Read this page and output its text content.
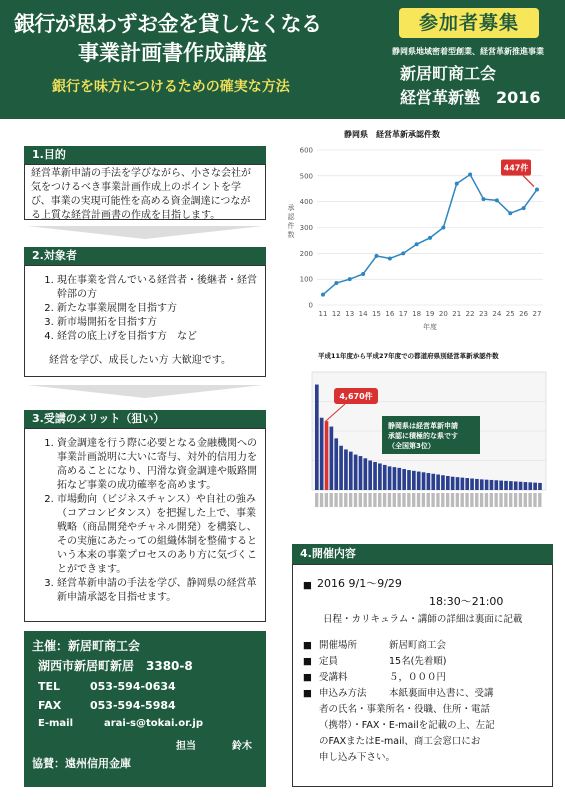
銀行が思わずお金を貸したくなる
事業計画書作成講座
銀行を味方につけるための確実な方法
参加者募集
静岡県地域密着型創業、経営革新推進事業
新居町商工会
経営革新塾　2016
1.目的
経営革新申請の手法を学びながら、小さな会社が気をつけるべき事業計画作成上のポイントを学び、事業の実現可能性を高める資金調達につながる上質な経営計画書の作成を目指します。
2.対象者
1. 現在事業を営んでいる経営者・後継者・経営幹部の方
2. 新たな事業展開を目指す方
3. 新市場開拓を目指す方
4. 経営の底上げを目指す方　など
経営を学び、成長したい方 大歓迎です。
3.受講のメリット（狙い）
1. 資金調達を行う際に必要となる金融機関への事業計画説明に大いに寄与、対外的信用力を高めることになり、円滑な資金調達や販路開拓など事業の成功確率を高めます。
2. 市場動向（ビジネスチャンス）や自社の強み（コアコンピタンス）を把握した上で、事業戦略（商品開発やチャネル開発）を構築し、その実施にあたっての組織体制を整備するという本来の事業プロセスのあり方に気づくことができます。
3. 経営革新申請の手法を学び、静岡県の経営革新申請承認を目指せます。
主催：新居町商工会
湖西市新居町新居　3380-8
TEL	053-594-0634
FAX	053-594-5984
E-mail	arai-s@tokai.or.jp
担当	鈴木
協賛：遠州信用金庫
静岡県　経営革新承認件数
0
100
200
300
400
500
600
11 12 13 14 15 16 17 18 19 20 21 22 23 24 25 26 27
年度
承
認
件
数
447件
平成11年度から平成27年度での都道府県別経営革新承認件数
4,670件
静岡県は経営革新申請
承認に積極的な県です
（全国第3位）
4.開催内容
■ 2016 9/1～9/29
18:30～21:00
日程・カリキュラム・講師の詳細は裏面に記載
■ 開催場所	新居町商工会
■ 定員	15名(先着順)
■ 受講料	５，０００円
■ 申込み方法 本紙裏面申込書に、受講
者の氏名・事業所名・役職、住所・電話
（携帯）・FAX・E-mailを記載の上、左記
のFAXまたはE-mail、商工会窓口にお
申し込み下さい。
